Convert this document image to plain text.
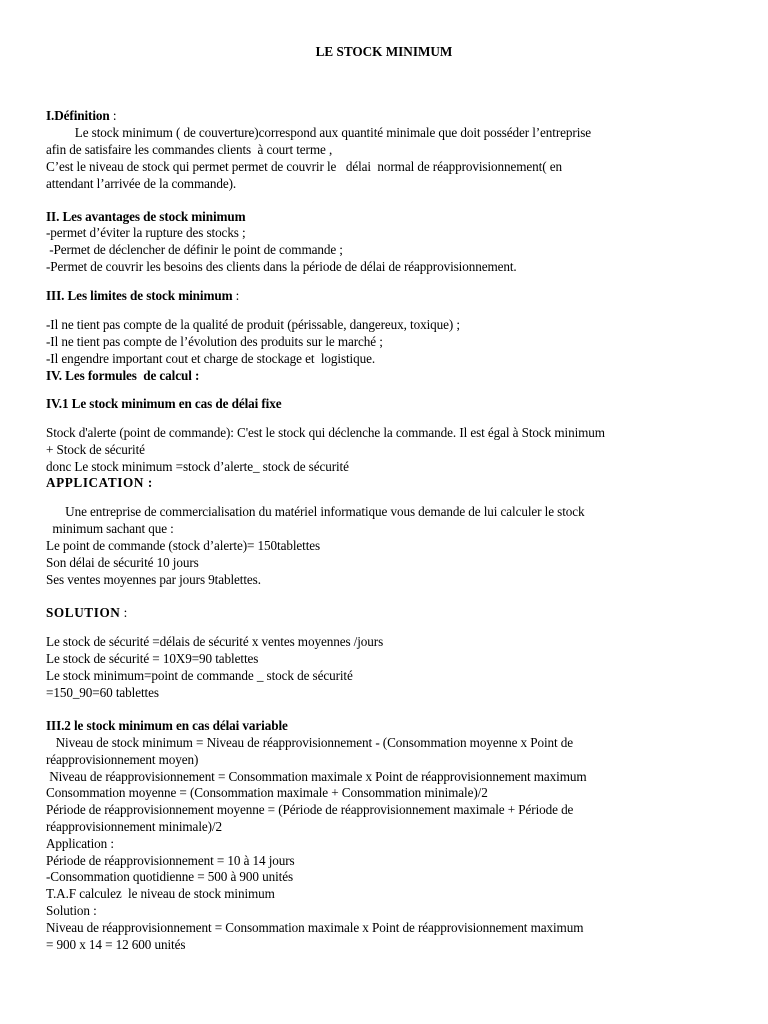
LE STOCK MINIMUM
I.Définition :
Le stock minimum ( de couverture)correspond aux quantité minimale que doit posséder l’entreprise
afin de satisfaire les commandes clients  à court terme ,
C’est le niveau de stock qui permet permet de couvrir le   délai  normal de réapprovisionnement( en
attendant l’arrivée de la commande).
II. Les avantages de stock minimum
-permet d’éviter la rupture des stocks ;
-Permet de déclencher de définir le point de commande ;
-Permet de couvrir les besoins des clients dans la période de délai de réapprovisionnement.
III. Les limites de stock minimum :
-Il ne tient pas compte de la qualité de produit (périssable, dangereux, toxique) ;
-Il ne tient pas compte de l’évolution des produits sur le marché ;
-Il engendre important cout et charge de stockage et  logistique.
IV. Les formules  de calcul :
IV.1 Le stock minimum en cas de délai fixe
Stock d'alerte (point de commande): C'est le stock qui déclenche la commande. Il est égal à Stock minimum
+ Stock de sécurité
donc Le stock minimum =stock d’alerte_ stock de sécurité
APPLICATION :
Une entreprise de commercialisation du matériel informatique vous demande de lui calculer le stock
minimum sachant que :
Le point de commande (stock d’alerte)= 150tablettes
Son délai de sécurité 10 jours
Ses ventes moyennes par jours 9tablettes.
SOLUTION :
Le stock de sécurité =délais de sécurité x ventes moyennes /jours
Le stock de sécurité = 10X9=90 tablettes
Le stock minimum=point de commande _ stock de sécurité
=150_90=60 tablettes
III.2 le stock minimum en cas délai variable
Niveau de stock minimum = Niveau de réapprovisionnement - (Consommation moyenne x Point de
réapprovisionnement moyen)
Niveau de réapprovisionnement = Consommation maximale x Point de réapprovisionnement maximum
Consommation moyenne = (Consommation maximale + Consommation minimale)/2
Période de réapprovisionnement moyenne = (Période de réapprovisionnement maximale + Période de
réapprovisionnement minimale)/2
Application :
Période de réapprovisionnement = 10 à 14 jours
-Consommation quotidienne = 500 à 900 unités
T.A.F calculez  le niveau de stock minimum
Solution :
Niveau de réapprovisionnement = Consommation maximale x Point de réapprovisionnement maximum
= 900 x 14 = 12 600 unités
